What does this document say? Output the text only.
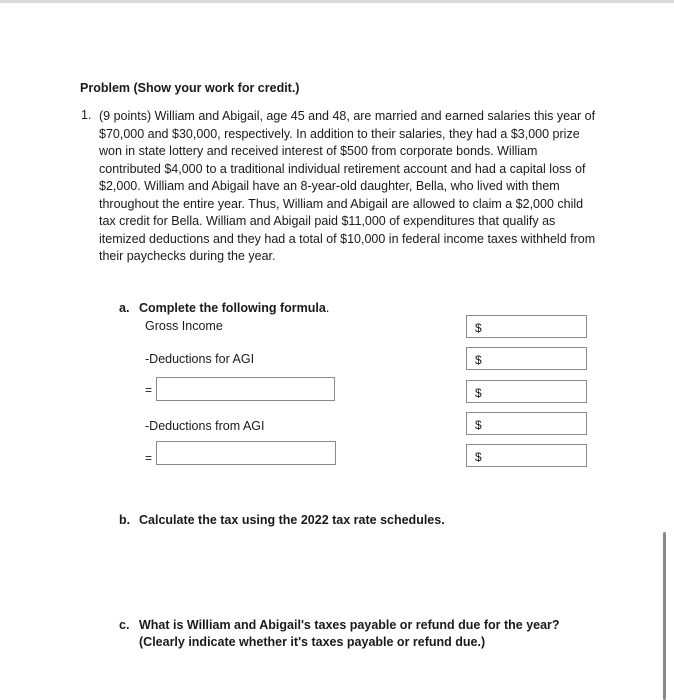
Problem (Show your work for credit.)
1. (9 points) William and Abigail, age 45 and 48, are married and earned salaries this year of $70,000 and $30,000, respectively. In addition to their salaries, they had a $3,000 prize won in state lottery and received interest of $500 from corporate bonds. William contributed $4,000 to a traditional individual retirement account and had a capital loss of $2,000. William and Abigail have an 8-year-old daughter, Bella, who lived with them throughout the entire year. Thus, William and Abigail are allowed to claim a $2,000 child tax credit for Bella. William and Abigail paid $11,000 of expenditures that qualify as itemized deductions and they had a total of $10,000 in federal income taxes withheld from their paychecks during the year.

a. Complete the following formula.
Gross Income
-Deductions for AGI
=
-Deductions from AGI
=
$
$
$
$
$
b. Calculate the tax using the 2022 tax rate schedules.
c. What is William and Abigail's taxes payable or refund due for the year? (Clearly indicate whether it's taxes payable or refund due.)
